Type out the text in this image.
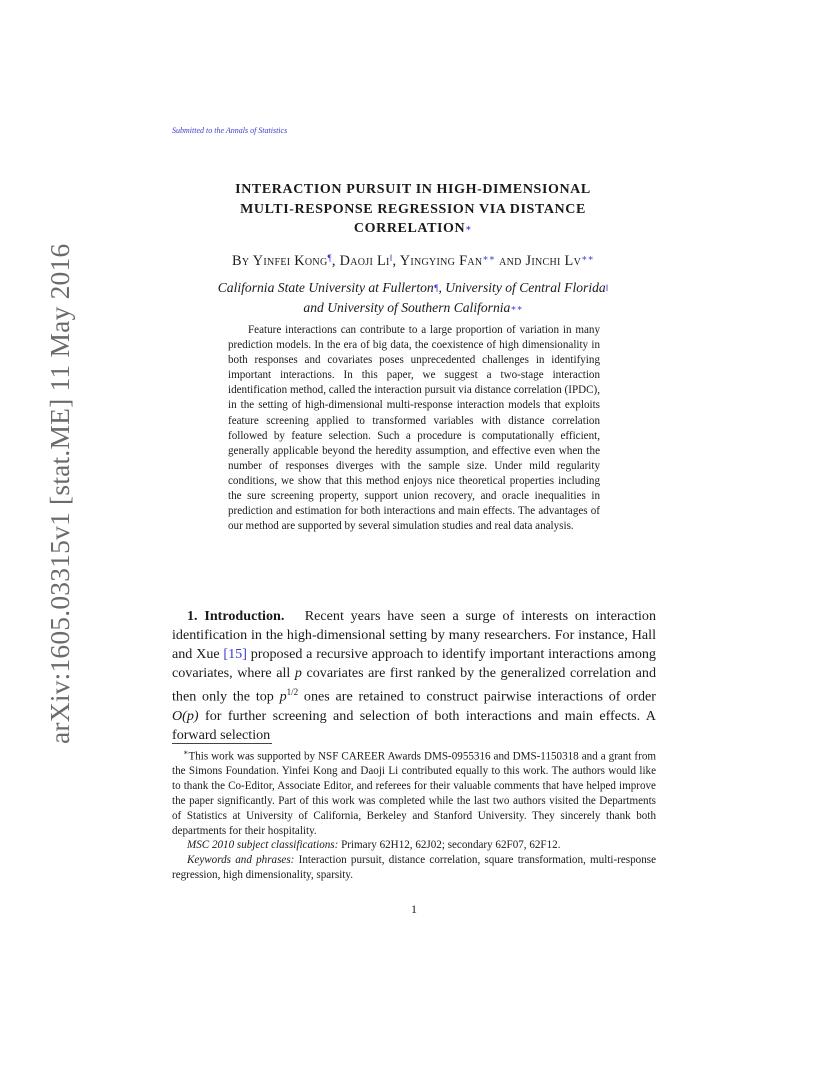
arXiv:1605.03315v1 [stat.ME] 11 May 2016
Submitted to the Annals of Statistics
INTERACTION PURSUIT IN HIGH-DIMENSIONAL
MULTI-RESPONSE REGRESSION VIA DISTANCE
CORRELATION∗
By Yinfei Kong¶, Daoji Li‖, Yingying Fan∗∗ and Jinchi Lv∗∗
California State University at Fullerton¶, University of Central Florida‖
and University of Southern California∗∗

Feature interactions can contribute to a large proportion of variation in many prediction models. In the era of big data, the coexistence of high dimensionality in both responses and covariates poses unprecedented challenges in identifying important interactions. In this paper, we suggest a two-stage interaction identification method, called the interaction pursuit via distance correlation (IPDC), in the setting of high-dimensional multi-response interaction models that exploits feature screening applied to transformed variables with distance correlation followed by feature selection. Such a procedure is computationally efficient, generally applicable beyond the heredity assumption, and effective even when the number of responses diverges with the sample size. Under mild regularity conditions, we show that this method enjoys nice theoretical properties including the sure screening property, support union recovery, and oracle inequalities in prediction and estimation for both interactions and main effects. The advantages of our method are supported by several simulation studies and real data analysis.

1. Introduction. Recent years have seen a surge of interests on interaction identification in the high-dimensional setting by many researchers. For instance, Hall and Xue [15] proposed a recursive approach to identify important interactions among covariates, where all p covariates are first ranked by the generalized correlation and then only the top $p^{1/2}$ ones are retained to construct pairwise interactions of order O(p) for further screening and selection of both interactions and main effects. A forward selection

∗This work was supported by NSF CAREER Awards DMS-0955316 and DMS-1150318 and a grant from the Simons Foundation. Yinfei Kong and Daoji Li contributed equally to this work. The authors would like to thank the Co-Editor, Associate Editor, and referees for their valuable comments that have helped improve the paper significantly. Part of this work was completed while the last two authors visited the Departments of Statistics at University of California, Berkeley and Stanford University. They sincerely thank both departments for their hospitality.

MSC 2010 subject classifications: Primary 62H12, 62J02; secondary 62F07, 62F12.

Keywords and phrases: Interaction pursuit, distance correlation, square transformation, multi-response regression, high dimensionality, sparsity.

1
